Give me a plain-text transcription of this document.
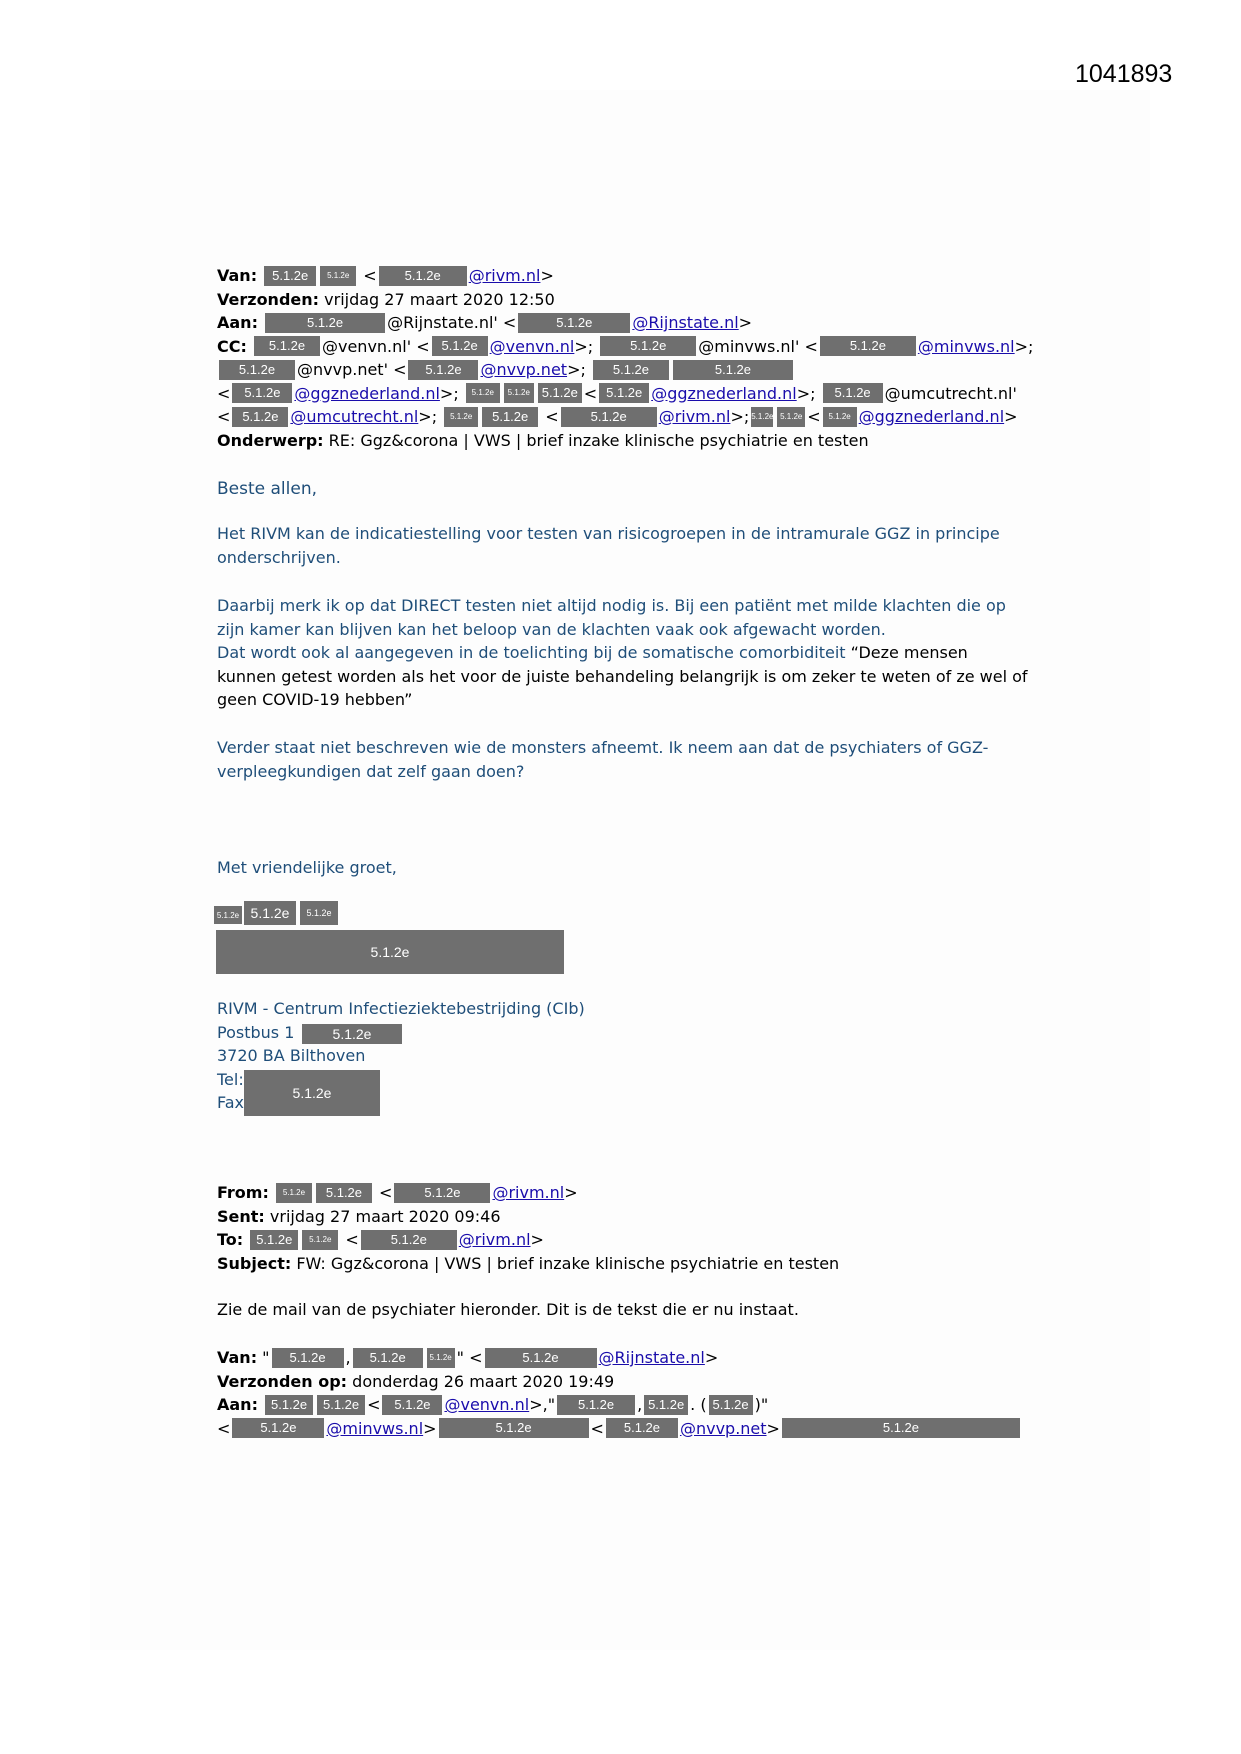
1041893
Van:
	5.1.2e	5.1.2e <	5.1.2e	@rivm.nl >
Verzonden:
vrijdag 27 maart 2020 12:50
Aan:
	5.1.2e	@Rijnstate.nl' <	5.1.2e	@Rijnstate.nl >
CC:
	5.1.2e	@venvn.nl' < 5.1.2e @venvn.nl >;	5.1.2e	@minvws.nl' <	5.1.2e	@minvws.nl >;
5.1.2e	@nvvp.net' <	5.1.2e	@nvvp.net >;	5.1.2e	5.1.2e
<	5.1.2e @ggznederland.nl >; 5.1.2e	5.1.2e 5.1.2e < 5.1.2e @ggznederland.nl >;	5.1.2e @umcutrecht.nl'
< 5.1.2e @umcutrecht.nl >; 5.1.2e	5.1.2e <	5.1.2e	@rivm.nl >; 5.1.2e 5.1.2e < 5.1.2e @ggznederland.nl >
Onderwerp:
RE: Ggz&corona | VWS | brief inzake klinische psychiatrie en testen
Beste allen,
Het RIVM kan de indicatiestelling voor testen van risicogroepen in de intramurale GGZ in principe
onderschrijven.
Daarbij merk ik op dat DIRECT testen niet altijd nodig is. Bij een patiënt met milde klachten die op
zijn kamer kan blijven kan het beloop van de klachten vaak ook afgewacht worden.
Dat wordt ook al aangegeven in de toelichting bij de somatische comorbiditeit “Deze mensen
kunnen getest worden als het voor de juiste behandeling belangrijk is om zeker te weten of ze wel of
geen COVID-19 hebben”
Verder staat niet beschreven wie de monsters afneemt. Ik neem aan dat de psychiaters of GGZ-
verpleegkundigen dat zelf gaan doen?
Met vriendelijke groet,
5.1.2e 5.1.2e	5.1.2e
5.1.2e
RIVM - Centrum Infectieziektebestrijding (CIb)
Postbus 1
3720 BA Bilthoven
Tel:
Fax
5.1.2e
5.1.2e
From:
	5.1.2e	5.1.2e <	5.1.2e	@rivm.nl >
Sent:
vrijdag 27 maart 2020 09:46
To:
	5.1.2e	5.1.2e <	5.1.2e	@rivm.nl >
Subject:
FW: Ggz&corona | VWS | brief inzake klinische psychiatrie en testen
Zie de mail van de psychiater hieronder. Dit is de tekst die er nu instaat.
Van: "	5.1.2e	,	5.1.2e	5.1.2e " <	5.1.2e	@Rijnstate.nl >
Verzonden op:
donderdag 26 maart 2020 19:49
Aan:
	5.1.2e	5.1.2e <	5.1.2e @venvn.nl >,"	5.1.2e	, 5.1.2e . ( 5.1.2e )"
<	5.1.2e	@minvws.nl >	5.1.2e	<	5.1.2e	@nvvp.net >	5.1.2e
